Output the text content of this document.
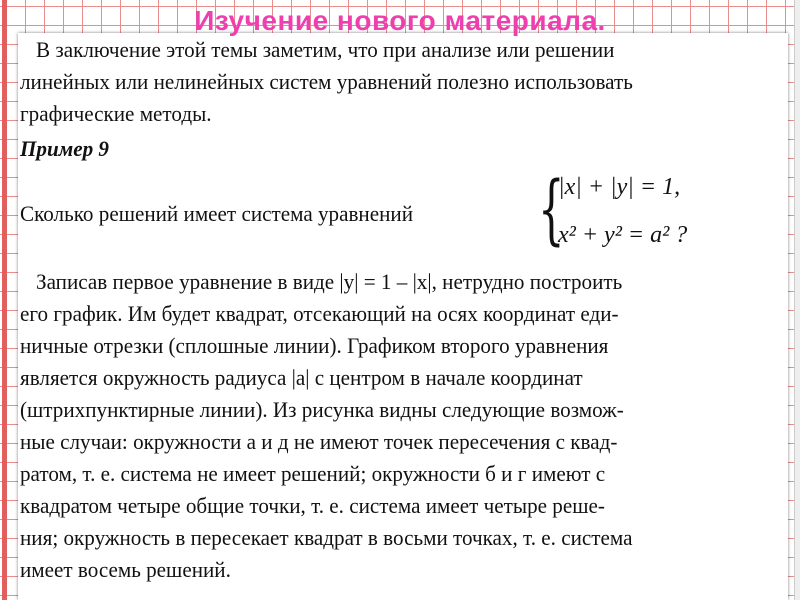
В заключение этой темы заметим, что при анализе или решении

линейных или нелинейных систем уравнений полезно использовать

графические методы.

Пример 9

Сколько решений имеет система уравнений {
|x| + |y| = 1,
x² + y² = a² ?

Записав первое уравнение в виде |y| = 1 – |x|, нетрудно построить

его график. Им будет квадрат, отсекающий на осях координат еди-

ничные отрезки (сплошные линии). Графиком второго уравнения

является окружность радиуса |a| с центром в начале координат

(штрихпунктирные линии). Из рисунка видны следующие возмож-

ные случаи: окружности а и д не имеют точек пересечения с квад-

ратом, т. е. система не имеет решений; окружности б и г имеют с

квадратом четыре общие точки, т. е. система имеет четыре реше-

ния; окружность в пересекает квадрат в восьми точках, т. е. система

имеет восемь решений.

Изучение нового материала.
